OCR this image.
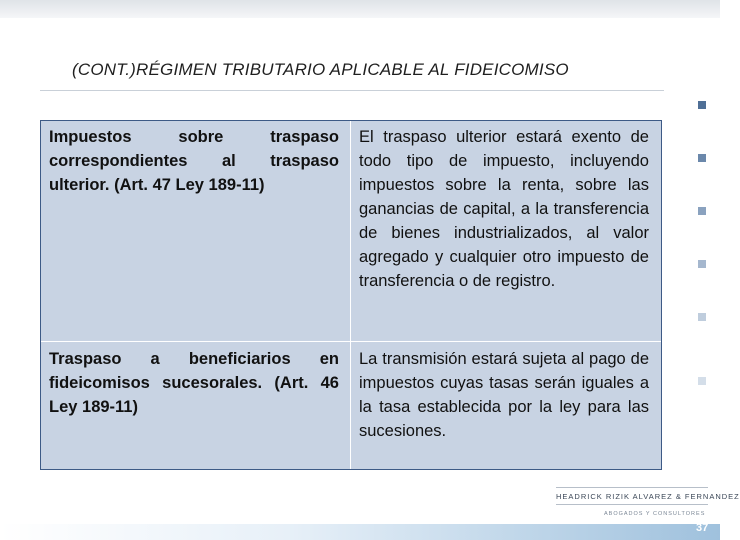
(CONT.)RÉGIMEN TRIBUTARIO APLICABLE AL FIDEICOMISO
Impuestos sobre traspaso correspondientes al traspaso ulterior. (Art. 47 Ley 189-11)
El traspaso ulterior estará exento de todo tipo de impuesto, incluyendo impuestos sobre la renta, sobre las ganancias de capital, a la transferencia de bienes industrializados, al valor agregado y cualquier otro impuesto de transferencia o de registro.
Traspaso a beneficiarios en fideicomisos sucesorales. (Art. 46 Ley 189-11)
La transmisión estará sujeta al pago de impuestos cuyas tasas serán iguales a la tasa establecida por la ley para las sucesiones.
HEADRICK RIZIK ALVAREZ & FERNANDEZ
ABOGADOS Y CONSULTORES
37
